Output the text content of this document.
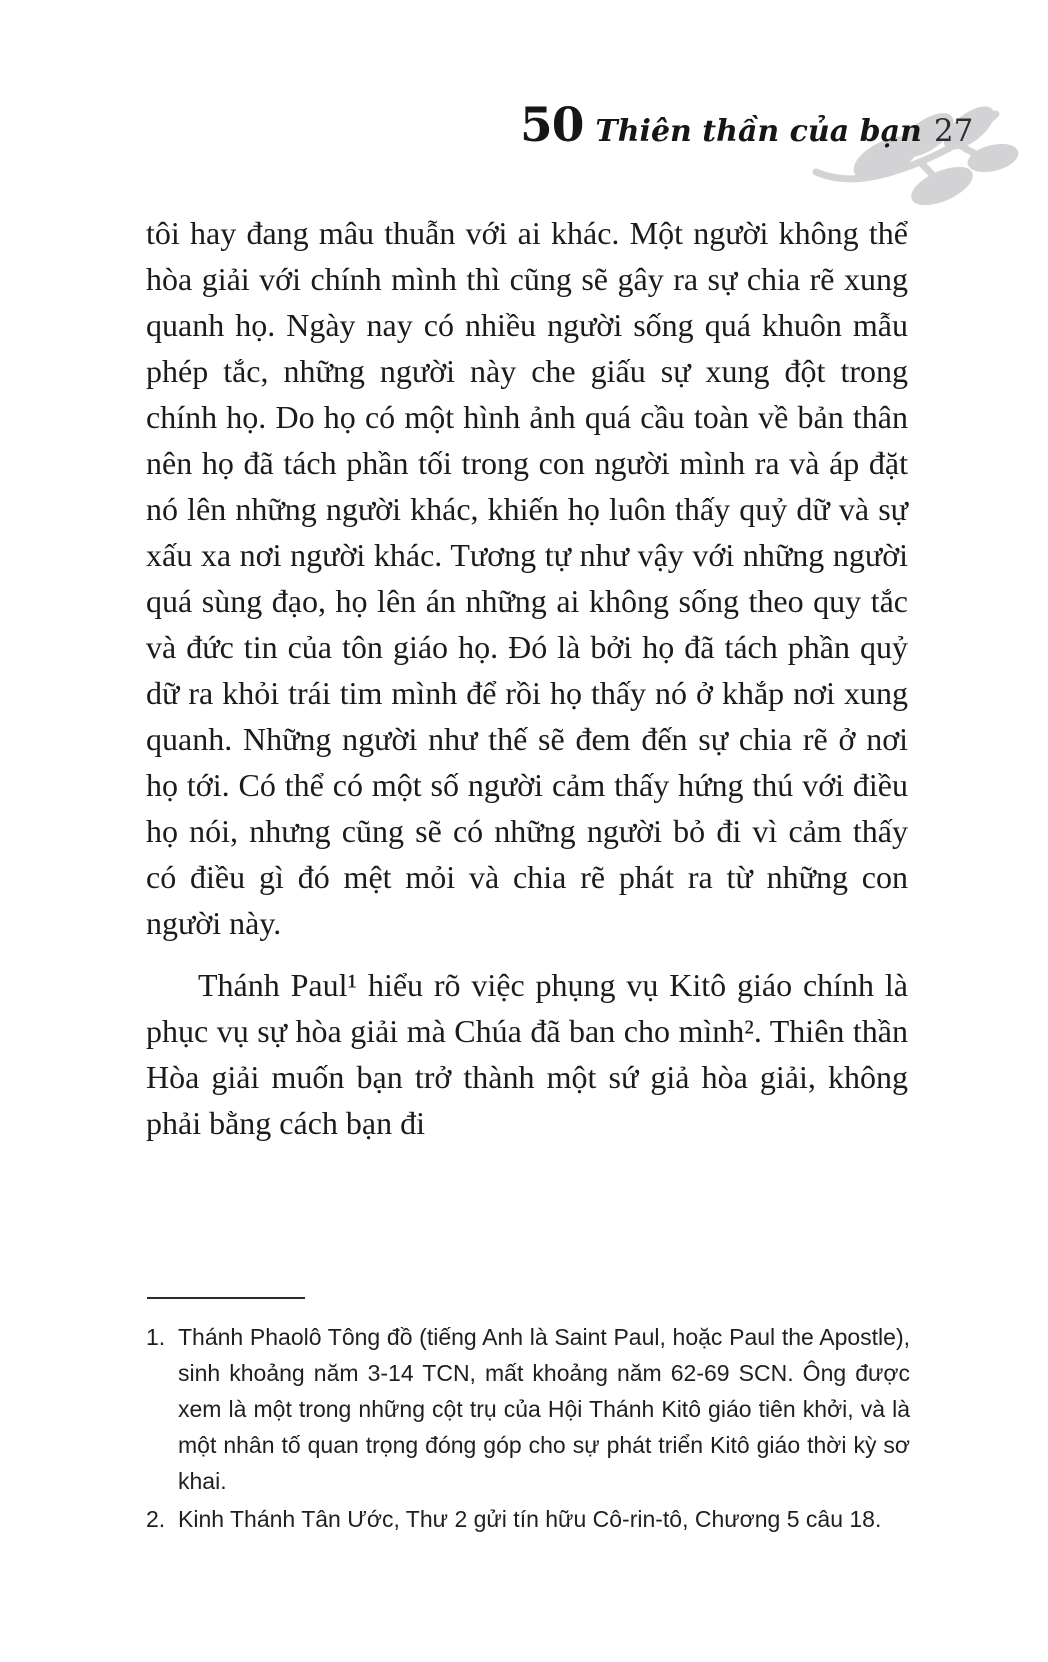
50 Thiên thần của bạn 27

tôi hay đang mâu thuẫn với ai khác. Một người không thể hòa giải với chính mình thì cũng sẽ gây ra sự chia rẽ xung quanh họ. Ngày nay có nhiều người sống quá khuôn mẫu phép tắc, những người này che giấu sự xung đột trong chính họ. Do họ có một hình ảnh quá cầu toàn về bản thân nên họ đã tách phần tối trong con người mình ra và áp đặt nó lên những người khác, khiến họ luôn thấy quỷ dữ và sự xấu xa nơi người khác. Tương tự như vậy với những người quá sùng đạo, họ lên án những ai không sống theo quy tắc và đức tin của tôn giáo họ. Đó là bởi họ đã tách phần quỷ dữ ra khỏi trái tim mình để rồi họ thấy nó ở khắp nơi xung quanh. Những người như thế sẽ đem đến sự chia rẽ ở nơi họ tới. Có thể có một số người cảm thấy hứng thú với điều họ nói, nhưng cũng sẽ có những người bỏ đi vì cảm thấy có điều gì đó mệt mỏi và chia rẽ phát ra từ những con người này.

Thánh Paul¹ hiểu rõ việc phụng vụ Kitô giáo chính là phục vụ sự hòa giải mà Chúa đã ban cho mình². Thiên thần Hòa giải muốn bạn trở thành một sứ giả hòa giải, không phải bằng cách bạn đi

1. Thánh Phaolô Tông đồ (tiếng Anh là Saint Paul, hoặc Paul the Apostle), sinh khoảng năm 3-14 TCN, mất khoảng năm 62-69 SCN. Ông được xem là một trong những cột trụ của Hội Thánh Kitô giáo tiên khởi, và là một nhân tố quan trọng đóng góp cho sự phát triển Kitô giáo thời kỳ sơ khai.
2. Kinh Thánh Tân Ước, Thư 2 gửi tín hữu Cô-rin-tô, Chương 5 câu 18.
